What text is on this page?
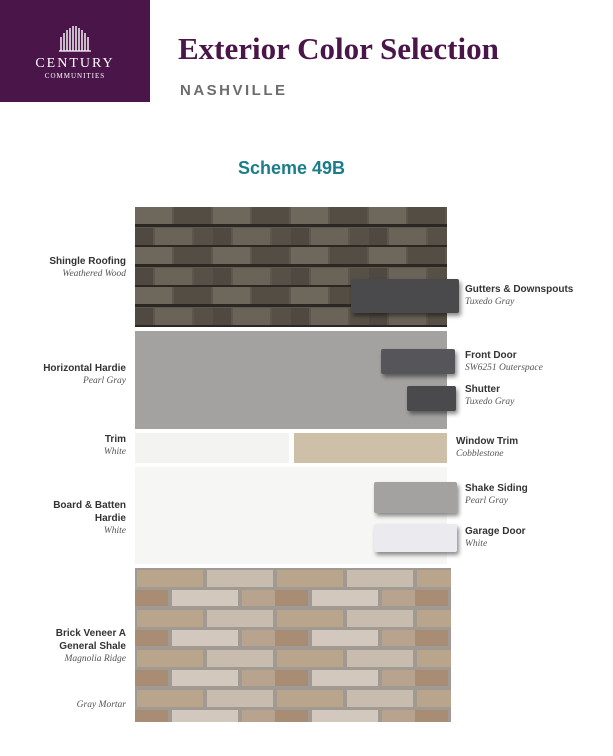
CENTURY
COMMUNITIES
Exterior Color Selection
NASHVILLE
Scheme 49B
Shingle Roofing
Weathered Wood
Horizontal Hardie
Pearl Gray
Trim
White
Board & Batten
Hardie
White
Brick Veneer A
General Shale
Magnolia Ridge
Gray Mortar
Gutters & Downspouts
Tuxedo Gray
Front Door
SW6251 Outerspace
Shutter
Tuxedo Gray
Window Trim
Cobblestone
Shake Siding
Pearl Gray
Garage Door
White
